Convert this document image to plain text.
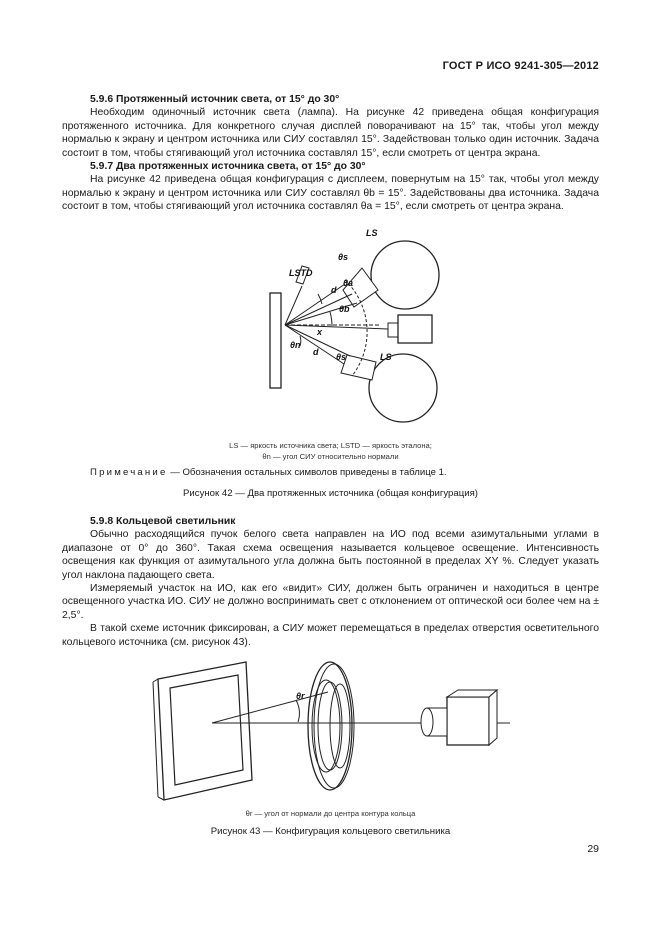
ГОСТ Р ИСО 9241-305—2012

5.9.6 Протяженный источник света, от 15° до 30°

Необходим одиночный источник света (лампа). На рисунке 42 приведена общая конфигурация протяженного источника. Для конкретного случая дисплей поворачивают на 15° так, чтобы угол между нормалью к экрану и центром источника или СИУ составлял 15°. Задействован только один источник. Задача состоит в том, чтобы стягивающий угол источника составлял 15°, если смотреть от центра экрана.

5.9.7 Два протяженных источника света, от 15° до 30°

На рисунке 42 приведена общая конфигурация с дисплеем, повернутым на 15° так, чтобы угол между нормалью к экрану и центром источника или СИУ составлял θb = 15°. Задействованы два источника. Задача состоит в том, чтобы стягивающий угол источника составлял θa = 15°, если смотреть от центра экрана.

LS
LSTD
θs
θa
d
θb
x
θn
d θs	LS
LS — яркость источника света; LSTD — яркость эталона;
θn — угол СИУ относительно нормали
Примечание — Обозначения остальных символов приведены в таблице 1.
Рисунок 42 — Два протяженных источника (общая конфигурация)

5.9.8 Кольцевой светильник

Обычно расходящийся пучок белого света направлен на ИО под всеми азимутальными углами в диапазоне от 0° до 360°. Такая схема освещения называется кольцевое освещение. Интенсивность освещения как функция от азимутального угла должна быть постоянной в пределах XY %. Следует указать угол наклона падающего света.

Измеряемый участок на ИО, как его «видит» СИУ, должен быть ограничен и находиться в центре освещенного участка ИО. СИУ не должно воспринимать свет с отклонением от оптической оси более чем на ± 2,5°.

В такой схеме источник фиксирован, а СИУ может перемещаться в пределах отверстия осветительного кольцевого источника (см. рисунок 43).

θr
θr — угол от нормали до центра контура кольца
Рисунок 43 — Конфигурация кольцевого светильника
29
